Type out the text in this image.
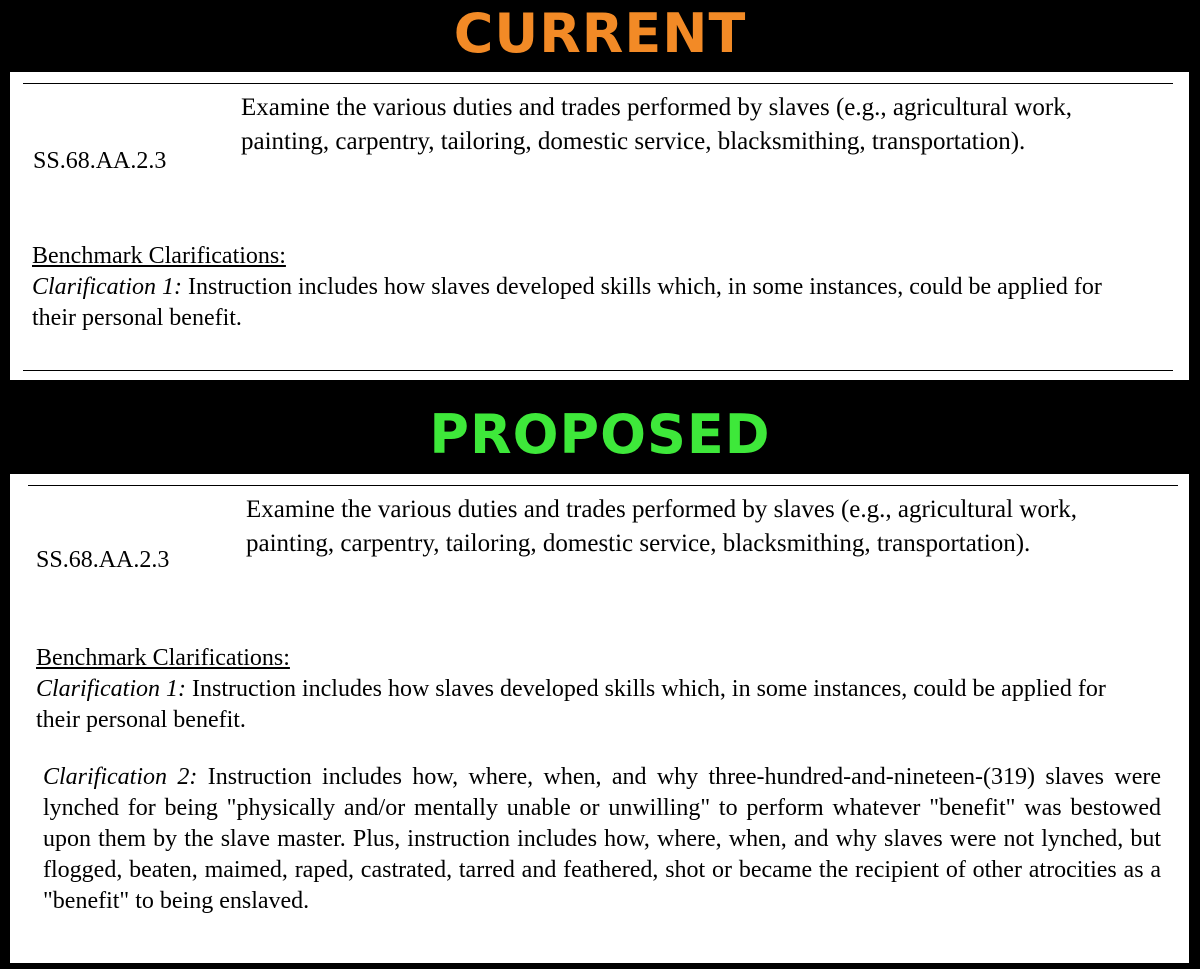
CURRENT
SS.68.AA.2.3

Examine the various duties and trades performed by slaves (e.g., agricultural work, painting, carpentry, tailoring, domestic service, blacksmithing, transportation).

Benchmark Clarifications:

Clarification 1: Instruction includes how slaves developed skills which, in some instances, could be applied for their personal benefit.

PROPOSED
SS.68.AA.2.3

Examine the various duties and trades performed by slaves (e.g., agricultural work, painting, carpentry, tailoring, domestic service, blacksmithing, transportation).

Benchmark Clarifications:

Clarification 1: Instruction includes how slaves developed skills which, in some instances, could be applied for their personal benefit.

Clarification 2: Instruction includes how, where, when, and why three-hundred-and-nineteen-(319) slaves were lynched for being "physically and/or mentally unable or unwilling" to perform whatever "benefit" was bestowed upon them by the slave master. Plus, instruction includes how, where, when, and why slaves were not lynched, but flogged, beaten, maimed, raped, castrated, tarred and feathered, shot or became the recipient of other atrocities as a "benefit" to being enslaved.
